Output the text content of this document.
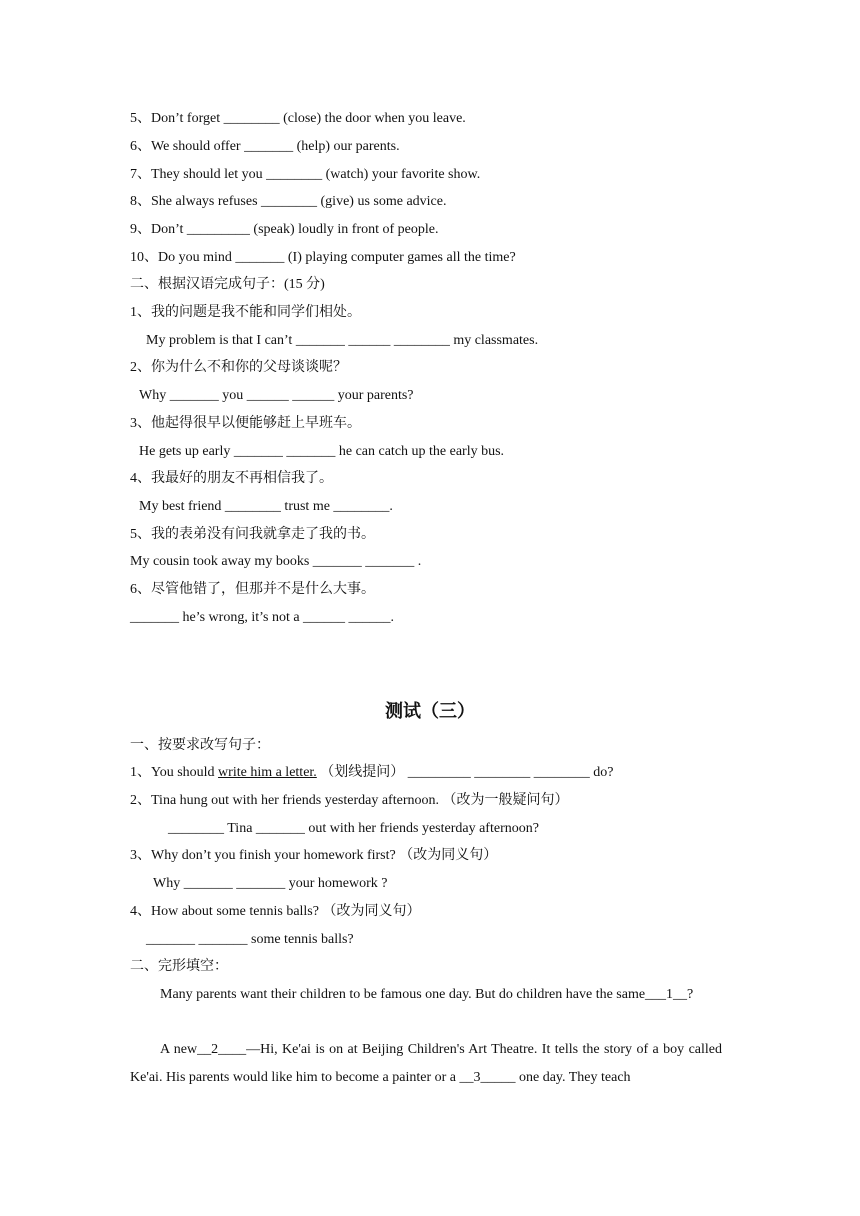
5、Don’t forget ________ (close) the door when you leave.
6、We should offer _______ (help) our parents.
7、They should let you ________ (watch) your favorite show.
8、She always refuses ________ (give) us some advice.
9、Don’t _________ (speak) loudly in front of people.
10、Do you mind _______ (I) playing computer games all the time?
二、根据汉语完成句子：(15 分)
1、我的问题是我不能和同学们相处。
My problem is that I can’t _______ ______ ________ my classmates.
2、你为什么不和你的父母谈谈呢？
Why _______ you ______ ______ your parents?
3、他起得很早以便能够赶上早班车。
He gets up early _______ _______ he can catch up the early bus.
4、我最好的朋友不再相信我了。
My best friend ________ trust me ________.
5、我的表弟没有问我就拿走了我的书。
My cousin took away my books _______ _______ .
6、尽管他错了，但那并不是什么大事。
_______ he’s wrong, it’s not a ______ ______.
测试（三）
一、按要求改写句子：
1、You should write him a letter. （划线提问） _________ ________ ________ do?
2、Tina hung out with her friends yesterday afternoon. （改为一般疑问句）
________ Tina _______ out with her friends yesterday afternoon?
3、Why don’t you finish your homework first? （改为同义句）
Why _______ _______ your homework ?
4、How about some tennis balls? （改为同义句）
_______ _______ some tennis balls?
二、完形填空：
Many parents want their children to be famous one day. But do children have the same___1__?
A new__2____—Hi, Ke'ai is on at Beijing Children's Art Theatre. It tells the story of a boy called Ke'ai. His parents would like him to become a painter or a __3_____ one day. They teach
